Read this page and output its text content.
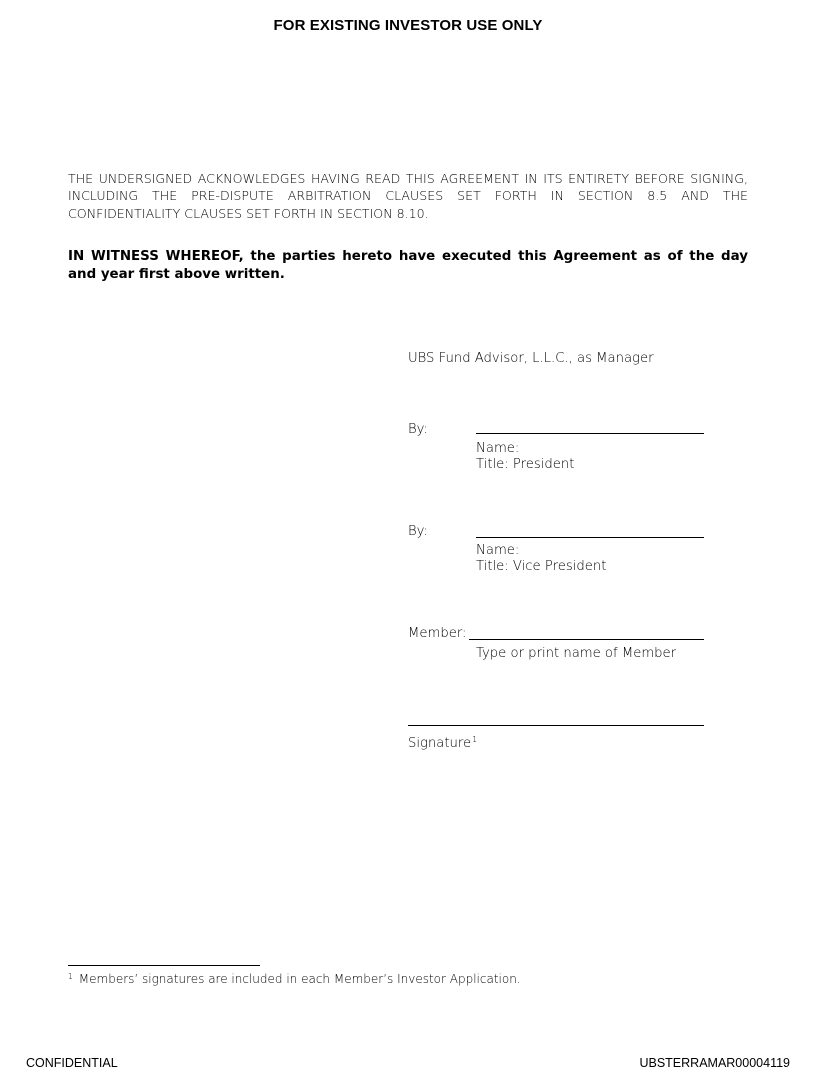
FOR EXISTING INVESTOR USE ONLY
THE UNDERSIGNED ACKNOWLEDGES HAVING READ THIS AGREEMENT IN ITS ENTIRETY BEFORE SIGNING, INCLUDING THE PRE-DISPUTE ARBITRATION CLAUSES SET FORTH IN SECTION 8.5 AND THE CONFIDENTIALITY CLAUSES SET FORTH IN SECTION 8.10.
IN WITNESS WHEREOF, the parties hereto have executed this Agreement as of the day and year first above written.
UBS Fund Advisor, L.L.C., as Manager
By:
Name:
Title: President
By:
Name:
Title: Vice President
Member:
Type or print name of Member
Signature$^1$
$^1$ Members’ signatures are included in each Member’s Investor Application.
CONFIDENTIAL	UBSTERRAMAR00004119
